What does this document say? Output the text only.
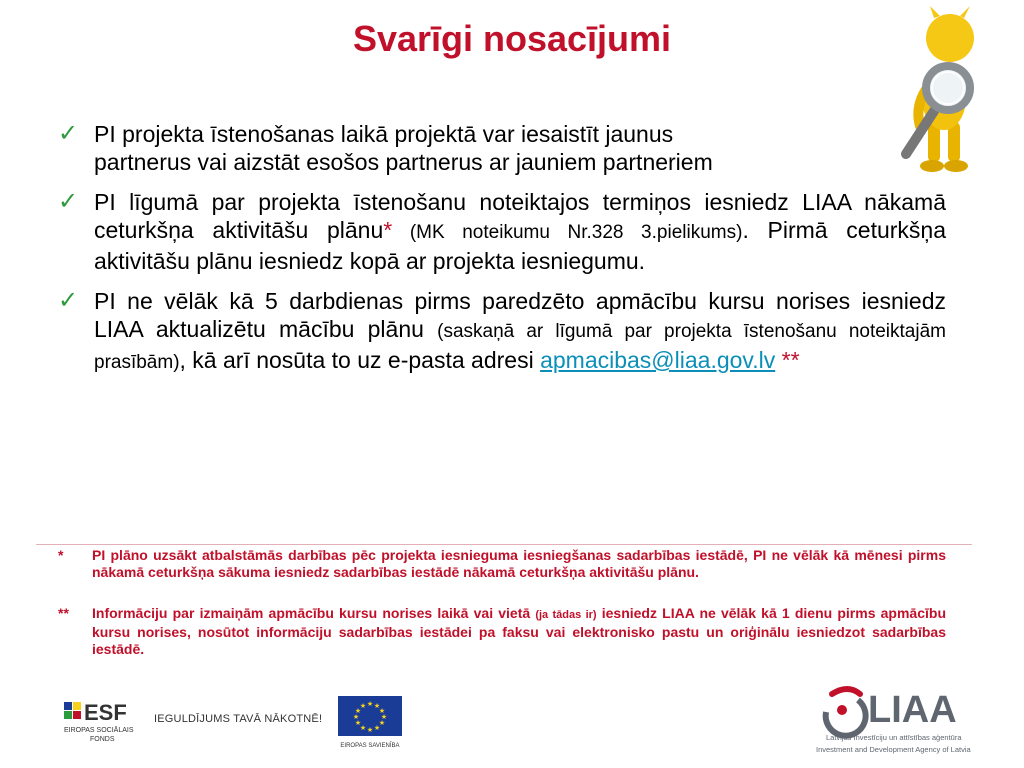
Svarīgi nosacījumi
✓ PI projekta īstenošanas laikā projektā var iesaistīt jaunus
partnerus vai aizstāt esošos partnerus ar jauniem partneriem
✓ PI līgumā par projekta īstenošanu noteiktajos termiņos iesniedz LIAA nākamā ceturkšņa aktivitāšu plānu* (MK noteikumu Nr.328 3.pielikums). Pirmā ceturkšņa aktivitāšu plānu iesniedz kopā ar projekta iesniegumu.
✓ PI ne vēlāk kā 5 darbdienas pirms paredzēto apmācību kursu norises iesniedz LIAA aktualizētu mācību plānu (saskaņā ar līgumā par projekta īstenošanu noteiktajām prasībām), kā arī nosūta to uz e-pasta adresi apmacibas@liaa.gov.lv **
*	PI plāno uzsākt atbalstāmās darbības pēc projekta iesnieguma iesniegšanas sadarbības iestādē, PI ne vēlāk kā mēnesi pirms nākamā ceturkšņa sākuma iesniedz sadarbības iestādē nākamā ceturkšņa aktivitāšu plānu.
**	Informāciju par izmaiņām apmācību kursu norises laikā vai vietā (ja tādas ir) iesniedz LIAA ne vēlāk kā 1 dienu pirms apmācību kursu norises, nosūtot informāciju sadarbības iestādei pa faksu vai elektronisko pastu un oriģinālu iesniedzot sadarbības iestādē.
ESF
EIROPAS SOCIĀLAIS
FONDS
IEGULDĪJUMS TAVĀ NĀKOTNĒ!
★ ★
★
★
★
★
★
★
★
★
★
★
EIROPAS SAVIENĪBA
LIAA
Latvijas Investīciju un attīstības aģentūra
Investment and Development Agency of Latvia
